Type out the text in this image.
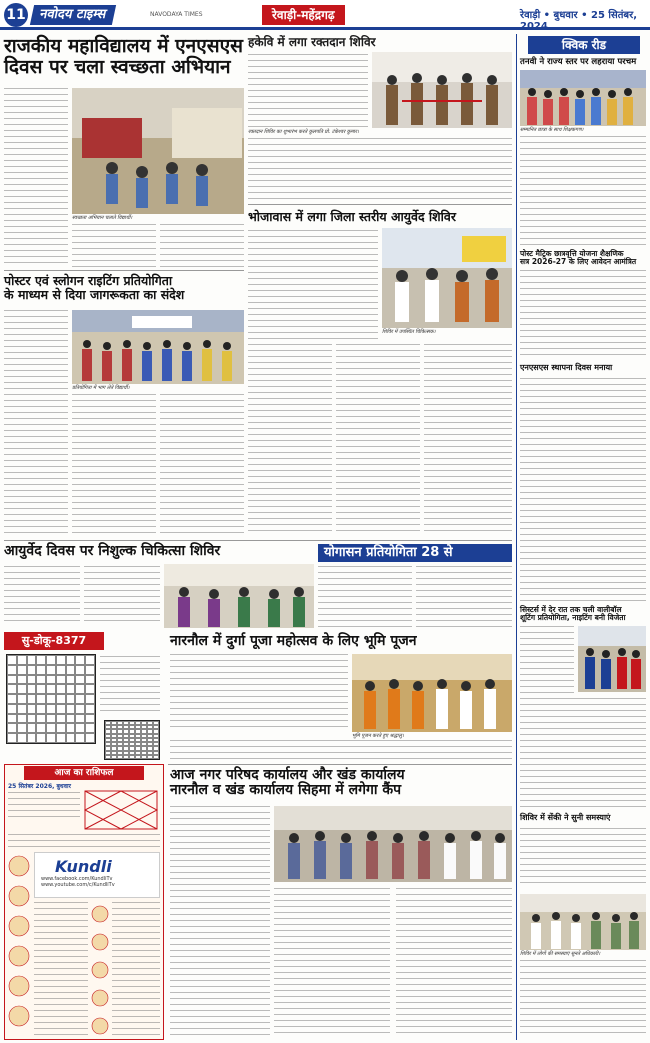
11 नवोदय टाइम्स	NAVODAYA TIMES	रेवाड़ी-महेंद्रगढ़	रेवाड़ी • बुधवार • 25 सितंबर, 2024
राजकीय महाविद्यालय में एनएसएस
दिवस पर चला स्वच्छता अभियान
स्वच्छता अभियान चलाते विद्यार्थी।
हकेवि में लगा रक्तदान शिविर
रक्तदान शिविर का शुभारंभ करते कुलपति प्रो. टंकेश्वर कुमार।
पोस्टर एवं स्लोगन राइटिंग प्रतियोगिता
के माध्यम से दिया जागरूकता का संदेश
प्रतियोगिता में भाग लेते विद्यार्थी।
भोजावास में लगा जिला स्तरीय आयुर्वेद शिविर
शिविर में उपस्थित चिकित्सक।
आयुर्वेद दिवस पर निशुल्क चिकित्सा शिविर	योगासन प्रतियोगिता 28 से
सु-डोकू-8377	नारनौल में दुर्गा पूजा महोत्सव के लिए भूमि पूजन
भूमि पूजन करते हुए श्रद्धालु।
आज का राशिफल
25 सितंबर 2026, बुधवार
Kundli
www.facebook.com/KundliTv
www.youtube.com/c/KundliTv
आज नगर परिषद कार्यालय और खंड कार्यालय
नारनौल व खंड कार्यालय सिहमा में लगेगा कैंप
क्विक रीड
तनवी ने राज्य स्तर पर लहराया परचम
सम्मानित छात्रा के साथ शिक्षकगण।
पोस्ट मैट्रिक छात्रवृत्ति योजना शैक्षणिक
सत्र 2026-27 के लिए आवेदन आमंत्रित
एनएसएस स्थापना दिवस मनाया
सिस्टर्स में देर रात तक चली वालीबॉल
शूटिंग प्रतियोगिता, नाइटिंग बनी विजेता
शिविर में सेंकी ने सुनी समस्याएं
शिविर में लोगों की समस्याएं सुनते अधिकारी।
